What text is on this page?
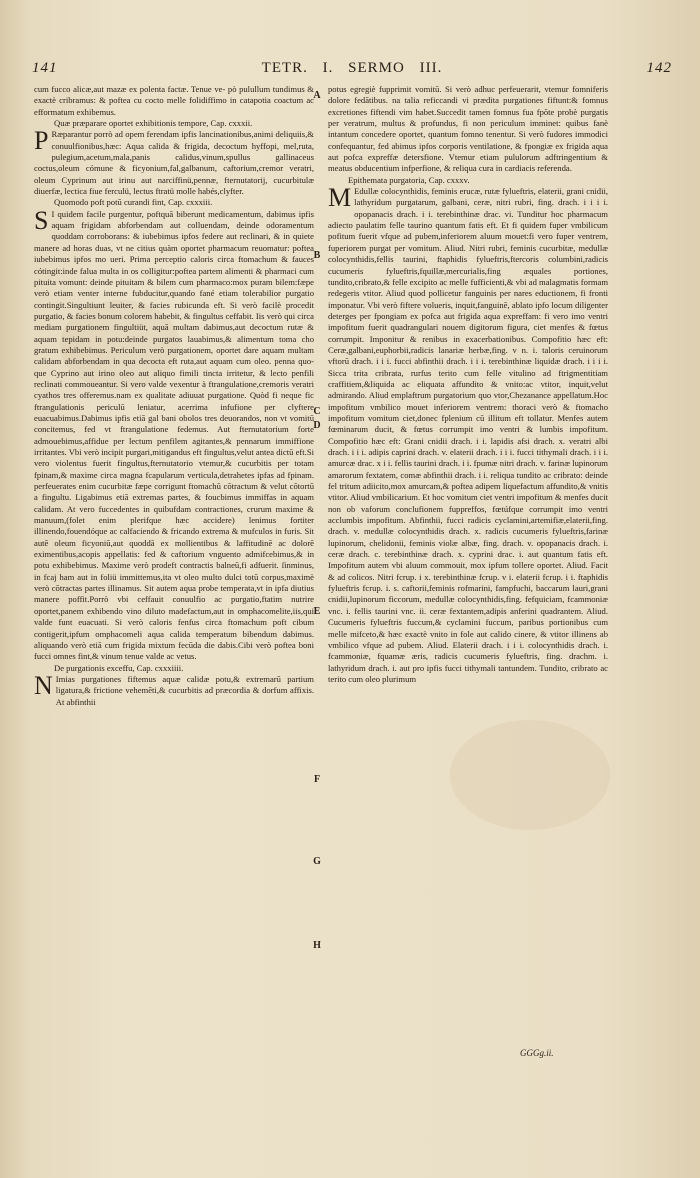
141	TETR. I. SERMO III.	142

cum fucco alicæ,aut mazæ ex polenta factæ. Tenue ve- pò pulullum tundimus & exactè cribramus: & poftea cu cocto melle folidiffimo in catapotia coactum ac efformatum exhibemus.

Quæ præparare oportet exhibitionis tempore, Cap. cxxxii.

P Ræparantur porrò ad opem ferendam ipfis lancinationibus,animi deliquiis,& conuulfionibus,hæc: Aqua calida & frigida, decoctum hyffopi, mel,ruta, pulegium,acetum,mala,panis calidus,vinum,spullus gallinaceus coctus,oleum cómune & ficyonium,fal,galbanum, caftorium,cremor veratri, oleum Cyprinum aut irinu aut narciffinü,pennæ, fternutatorij, cucurbitulæ diuerfæ, lectica fiue ferculü, lectus ftratü molle habés,clyfter.

Quomodo poft potū curandi fint, Cap. cxxxiii.

S I quidem facile purgentur, poftquā biberunt medicamentum, dabimus ipfis aquam frigidam abforbendam aut colluendam, deinde odoramentum quoddam corroborans: & iubebimus ipfos federe aut reclinari, & in quiete manere ad horas duas, vt ne citius quàm oportet pharmacum reuomatur: poftea iubebimus ipfos mo ueri. Prima perceptio caloris circa ftomachum & fauces cótingit:inde falua multa in os colligitur:poftea partem alimenti & pharmaci cum pituita vomunt: deinde pituitam & bilem cum pharmaco:mox puram bilem:fæpe verò etiam venter interne fubducitur,quando fané etiam tolerabilior purgatio contingit.Singultiunt leuiter, & facies rubicunda eft. Si verò facilè procedit purgatio, & facies bonum colorem habebit, & fingultus ceffabit. Iis verò qui circa mediam purgationem fingultiüt, aquā multam dabimus,aut decoctum rutæ & aquam tepidam in potu:deinde purgatos lauabimus,& alimentum toma cho gratum exhibebimus. Periculum verò purgationem, oportet dare aquam multam calidam abforbendam in qua decocta eft ruta,aut aquam cum oleo. penna quo- que Cyprino aut irino oleo aut aliquo fimili tincta irritetur, & lecto penfili reclinati commoueantur. Si vero valde vexentur à ftrangulatione,cremoris veratri cyathos tres offeremus.nam ex qualitate adiuuat purgatione. Quòd fi neque fic ftrangulationis periculū leniatur, acerrima infufione per clyftere euacuabimus.Dabimus ipfis etiā gal bani obolos tres deuorandos, non vt vomitū concitemus, fed vt ftrangulatione fedemus. Aut fternutatorium forte admouebimus,affidue per lectum penfilem agitantes,& pennarum immiffione irritantes. Vbi verò incipit purgari,mitigandus eft fingultus,velut antea dictū eft.Si vero violentus fuerit fingultus,fternutatorio vtemur,& cucurbitis per totam fpinam,& maxime circa magna fcapularum verticula,detrahetes ipfas ad fpinam. perfeuerates enim cucurbitæ fæpe corrigunt ftomachū cōtractum & velut cōtortū a fingultu. Ligabimus etiā extremas partes, & foucbimus immiffas in aquam calidam. At vero fuccedentes in quibufdam contractiones, crurum maxime & manuum,(folet enim plerifque hæc accidere) lenimus fortiter illinendo,fouendóque ac calfaciendo & fricando extrema & mufculos in furis. Sit autē oleum ficyoniū,aut quoddā ex mollientibus & laffitudinē ac dolorē eximentibus,acopis appellatis: fed & caftorium vnguento admifcebimus,& in potu exhibebimus. Maxime verò prodeft contractis balneū,fi adfuerit. ſinminus, in fcaj ham aut in foliü immittemus,ita vt oleo multo dulci totū corpus,maximè verò cōtractas partes illinamus. Sit autem aqua probe temperata,vt in ipfa diutius manere poffit.Porrò vbi ceffauit conuulfio ac purgatio,ftatim nutrire oportet,panem exhibendo vino diluto madefactum,aut in omphacomelite,iis,qui valde funt euacuati. Si verò caloris fenfus circa ftomachum poft cibum contigerit,ipfum omphacomeli aqua calida temperatum bibendum dabimus. aliquando verò etiā cum frigida mixtum fecūda die dabis.Cibi verò poftea boni fucci omnes fint,& vinum tenue valde ac vetus.

De purgationis exceffu, Cap. cxxxiiii.

N Imias purgationes fiftemus aquæ calidæ potu,& extremarū partium ligatura,& frictione vehemēti,& cucurbitis ad præcordia & dorfum affixis. At abfinthii

A
B
C
D
E
F
G
H

potus egregiè fupprimit vomitū. Si verò adhuc perfeuerarit, vtemur fomniferis dolore fedātibus. na talia reficcandi vi prædita purgationes fiftunt:& fomnus excretiones fiftendi vim habet.Succedit tamen fomnus fua fpōte probè purgatis per veratrum, multus & profundus, fi non periculum imminet: quibus fanè intantum concedere oportet, quantum fomno tenentur. Si verò fudores immodici confequantur, fed abimus ipfos corporis ventilatione, & fpongiæ ex frigida aqua aut pofca expreffæ detersfione. Vtemur etiam pululorum adftringentium & meatus obducentium infperfione, & reliqua cura in cardiacis referenda.

Epithemata purgatoria, Cap. cxxxv.

M Edullæ colocynthidis, feminis erucæ, rutæ fylueftris, elaterii, grani cnidii, lathyridum purgatarum, galbani, ceræ, nitri rubri, fing. drach. i i i i. opopanacis drach. i i. terebinthinæ drac. vi. Tunditur hoc pharmacum adiecto paulatim felle taurino quantum fatis eft. Et fi quidem fuper vmbilicum pofitum fuerit vfque ad pubem,inferiorem aluum mouet:fi vero fuper ventrem, fuperiorem purgat per vomitum. Aliud. Nitri rubri, feminis cucurbitæ, medullæ colocynthidis,fellis taurini, ftaphidis fylueftris,ftercoris columbini,radicis cucumeris fylueftris,fquillæ,mercurialis,fing æquales portiones, tundito,cribrato,& felle excipito ac melle fufficienti,& vbi ad malagmatis formam redegeris vtitor. Aliud quod pollicetur fanguinis per nares eductionem, fi fronti imponatur. Vbi verò fiftere volueris, inquit,fanguinē, ablato ipfo locum diligenter deterges per fpongiam ex pofca aut frigida aqua expreffam: fi vero imo ventri impofitum fuerit quadrangulari nouem digitorum figura, ciet menfes & fœtus corrumpit. Imponitur & renibus in exacerbationibus. Compofitio hæc eft: Ceræ,galbani,euphorbii,radicis lanariæ herbæ,fing. v n. i. taloris ceruinorum vftorū drach. i i i. fucci abfinthii drach. i i i. terebinthinæ liquidæ drach. i i i i. Sicca trita cribrata, rurfus terito cum felle vitulino ad ftrigmentitiam craffitiem,&liquida ac eliquata affundito & vnito:ac vtitor, inquit,velut admirando. Aliud emplaftrum purgatorium quo vtor,Chezanance appellatum.Hoc impofitum vmbilico mouet inferiorem ventrem: thoraci verò & ftomacho impofitum vomitum ciet,donec fplenium cū illitum eft tollatur. Menfes autem fœminarum ducit, & fœtus corrumpit imo ventri & lumbis impofitum. Compofitio hæc eft: Grani cnidii drach. i i. lapidis afsi drach. x. veratri albi drach. i i i. adipis caprini drach. v. elaterii drach. i i i. fucci tithymali drach. i i i. amurcæ drac. x i i. fellis taurini drach. i i. fpumæ nitri drach. v. farinæ lupinorum amarorum fextatem, comæ abfinthii drach. i i. reliqua tundito ac cribrato: deinde fel tritum adiicito,mox amurcam,& poftea adipem liquefactum affundito,& vnitis vtitor. Aliud vmbilicarium. Et hoc vomitum ciet ventri impofitum & menfes ducit non ob vaforum conclufionem fuppreffos, fœtúfque corrumpit imo ventri acclumbis impofitum. Abfinthii, fucci radicis cyclamini,artemifiæ,elaterii,fing. drach. v. medullæ colocynthidis drach. x. radicis cucumeris fylueftris,farinæ lupinorum, chelidonii, feminis violæ albæ, fing. drach. v. opopanacis drach. i. ceræ drach. c. terebinthinæ drach. x. cyprini drac. i. aut quantum fatis eft. Impofitum autem vbi aluum commouit, mox ipfum tollere oportet. Aliud. Facit & ad colicos. Nitri fcrup. i x. terebinthinæ fcrup. v i. elaterii fcrup. i i. ftaphidis fylueftris fcrup. i. s. caftorii,feminis rofmarini, fampfuchi, baccarum lauri,grani cnidii,lupinorum ficcorum, medullæ colocynthidis,fing. fefquiciam, fcammoniæ vnc. i. fellis taurini vnc. ii. ceræ fextantem,adipis anferini quadrantem. Aliud. Cucumeris fylueftris fuccum,& cyclamini fuccum, paribus portionibus cum melle mifceto,& hæc exactè vnito in fole aut calido cinere, & vtitor illinens ab vmbilico vfque ad pubem. Aliud. Elaterii drach. i i i. colocynthidis drach. i. fcammoniæ, fquamæ æris, radicis cucumeris fylueftris, fing. drachm. i. lathyridum drach. i. aut pro ipfis fucci tithymali tantundem. Tundito, cribrato ac terito cum oleo plurimum

GGGg.ii.
